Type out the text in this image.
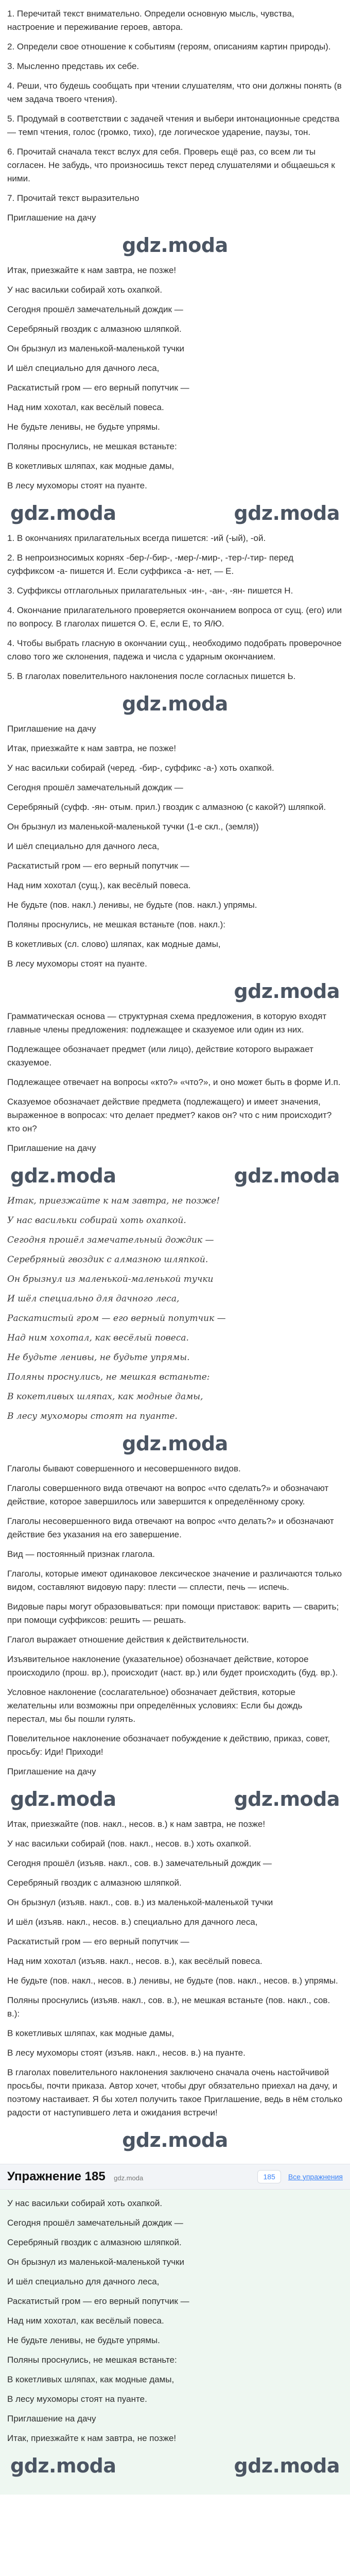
1. Перечитай текст внимательно. Определи основную мысль, чувства, настроение и переживание героев, автора.
2. Определи свое отношение к событиям (героям, описаниям картин природы).
3. Мысленно представь их себе.
4. Реши, что будешь сообщать при чтении слушателям, что они должны понять (в чем задача твоего чтения).
5. Продумай в соответствии с задачей чтения и выбери интонационные средства — темп чтения, голос (громко, тихо), где логическое ударение, паузы, тон.
6. Прочитай сначала текст вслух для себя. Проверь ещё раз, со всем ли ты согласен. Не забудь, что произносишь текст перед слушателями и общаешься к ними.
7. Прочитай текст выразительно
Приглашение на дачу
gdz.moda
Итак, приезжайте к нам завтра, не позже!
У нас васильки собирай хоть охапкой.
Сегодня прошёл замечательный дождик —
Серебряный гвоздик с алмазною шляпкой.
Он брызнул из маленькой-маленькой тучки
И шёл специально для дачного леса,
Раскатистый гром — его верный попутчик —
Над ним хохотал, как весёлый повеса.
Не будьте ленивы, не будьте упрямы.
Поляны проснулись, не мешкая встаньте:
В кокетливых шляпах, как модные дамы,
В лесу мухоморы стоят на пуанте.
gdz.moda	gdz.moda
1. В окончаниях прилагательных всегда пишется: -ий (-ый), -ой.
2. В непроизносимых корнях -бер-/-бир-, -мер-/-мир-, -тер-/-тир- перед суффиксом -а- пишется И. Если суффикса -а- нет, — Е.
3. Суффиксы отглагольных прилагательных -ин-, -ан-, -ян- пишется Н.
4. Окончание прилагательного проверяется окончанием вопроса от сущ. (его) или по вопросу. В глаголах пишется О. Е, если Е, то Я/Ю.
4. Чтобы выбрать гласную в окончании сущ., необходимо подобрать проверочное слово того же склонения, падежа и числа с ударным окончанием.
5. В глаголах повелительного наклонения после согласных пишется Ь.
gdz.moda
Приглашение на дачу
Итак, приезжайте к нам завтра, не позже!
У нас васильки собирай (черед. -бир-, суффикс -а-) хоть охапкой.
Сегодня прошёл замечательный дождик —
Серебряный (суфф. -ян- отым. прил.) гвоздик с алмазною (с какой?) шляпкой.
Он брызнул из маленькой-маленькой тучки (1-е скл., (земля))
И шёл специально для дачного леса,
Раскатистый гром — его верный попутчик —
Над ним хохотал (сущ.), как весёлый повеса.
Не будьте (пов. накл.) ленивы, не будьте (пов. накл.) упрямы.
Поляны проснулись, не мешкая встаньте (пов. накл.):
В кокетливых (сл. слово) шляпах, как модные дамы,
В лесу мухоморы стоят на пуанте.
gdz.moda
Грамматическая основа — структурная схема предложения, в которую входят главные члены предложения: подлежащее и сказуемое или один из них.
Подлежащее обозначает предмет (или лицо), действие которого выражает сказуемое.
Подлежащее отвечает на вопросы «кто?» «что?», и оно может быть в форме И.п.
Сказуемое обозначает действие предмета (подлежащего) и имеет значения, выраженное в вопросах: что делает предмет? каков он? что с ним происходит? кто он?
Приглашение на дачу
gdz.moda	gdz.moda
Итак, приезжайте к нам завтра, не позже!
У нас васильки собирай хоть охапкой.
Сегодня прошёл замечательный дождик —
Серебряный гвоздик с алмазною шляпкой.
Он брызнул из маленькой-маленькой тучки
И шёл специально для дачного леса,
Раскатистый гром — его верный попутчик —
Над ним хохотал, как весёлый повеса.
Не будьте ленивы, не будьте упрямы.
Поляны проснулись, не мешкая встаньте:
В кокетливых шляпах, как модные дамы,
В лесу мухоморы стоят на пуанте.
gdz.moda
Глаголы бывают совершенного и несовершенного видов.
Глаголы совершенного вида отвечают на вопрос «что сделать?» и обозначают действие, которое завершилось или завершится к определённому сроку.
Глаголы несовершенного вида отвечают на вопрос «что делать?» и обозначают действие без указания на его завершение.
Вид — постоянный признак глагола.
Глаголы, которые имеют одинаковое лексическое значение и различаются только видом, составляют видовую пару: плести — сплести, печь — испечь.
Видовые пары могут образовываться: при помощи приставок: варить — сварить; при помощи суффиксов: решить — решать.
Глагол выражает отношение действия к действительности.
Изъявительное наклонение (указательное) обозначает действие, которое происходило (прош. вр.), происходит (наст. вр.) или будет происходить (буд. вр.).
Условное наклонение (сослагательное) обозначает действия, которые желательны или возможны при определённых условиях: Если бы дождь перестал, мы бы пошли гулять.
Повелительное наклонение обозначает побуждение к действию, приказ, совет, просьбу: Иди! Приходи!
Приглашение на дачу
gdz.moda	gdz.moda
Итак, приезжайте (пов. накл., несов. в.) к нам завтра, не позже!
У нас васильки собирай (пов. накл., несов. в.) хоть охапкой.
Сегодня прошёл (изъяв. накл., сов. в.) замечательный дождик —
Серебряный гвоздик с алмазною шляпкой.
Он брызнул (изъяв. накл., сов. в.) из маленькой-маленькой тучки
И шёл (изъяв. накл., несов. в.) специально для дачного леса,
Раскатистый гром — его верный попутчик —
Над ним хохотал (изъяв. накл., несов. в.), как весёлый повеса.
Не будьте (пов. накл., несов. в.) ленивы, не будьте (пов. накл., несов. в.) упрямы.
Поляны проснулись (изъяв. накл., сов. в.), не мешкая встаньте (пов. накл., сов. в.):
В кокетливых шляпах, как модные дамы,
В лесу мухоморы стоят (изъяв. накл., несов. в.) на пуанте.
В глаголах повелительного наклонения заключено сначала очень настойчивой просьбы, почти приказа. Автор хочет, чтобы друг обязательно приехал на дачу, и поэтому настаивает. Я бы хотел получить такое Приглашение, ведь в нём столько радости от наступившего лета и ожидания встречи!
gdz.moda
Упражнение 185 gdz.moda	185	Все упражнения
У нас васильки собирай хоть охапкой.
Сегодня прошёл замечательный дождик —
Серебряный гвоздик с алмазною шляпкой.
Он брызнул из маленькой-маленькой тучки
И шёл специально для дачного леса,
Раскатистый гром — его верный попутчик —
Над ним хохотал, как весёлый повеса.
Не будьте ленивы, не будьте упрямы.
Поляны проснулись, не мешкая встаньте:
В кокетливых шляпах, как модные дамы,
В лесу мухоморы стоят на пуанте.
Приглашение на дачу
Итак, приезжайте к нам завтра, не позже!
gdz.moda	gdz.moda
